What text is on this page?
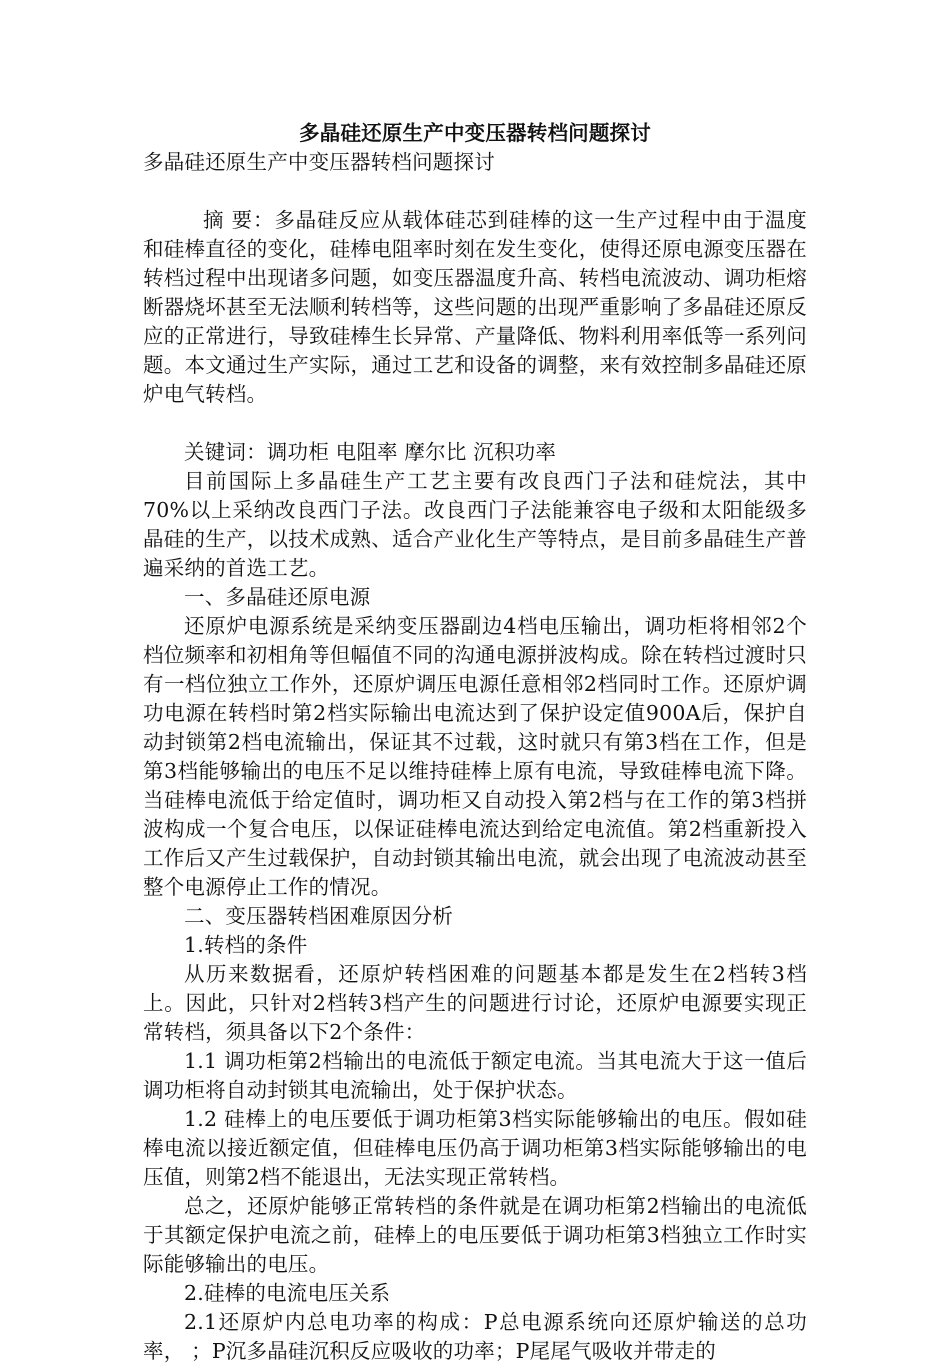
多晶硅还原生产中变压器转档问题探讨

多晶硅还原生产中变压器转档问题探讨

摘 要：多晶硅反应从载体硅芯到硅棒的这一生产过程中由于温度和硅棒直径的变化，硅棒电阻率时刻在发生变化，使得还原电源变压器在转档过程中出现诸多问题，如变压器温度升高、转档电流波动、调功柜熔断器烧坏甚至无法顺利转档等，这些问题的出现严重影响了多晶硅还原反应的正常进行，导致硅棒生长异常、产量降低、物料利用率低等一系列问题。本文通过生产实际，通过工艺和设备的调整，来有效控制多晶硅还原炉电气转档。

关键词：调功柜 电阻率 摩尔比 沉积功率

目前国际上多晶硅生产工艺主要有改良西门子法和硅烷法，其中70%以上采纳改良西门子法。改良西门子法能兼容电子级和太阳能级多晶硅的生产，以技术成熟、适合产业化生产等特点，是目前多晶硅生产普遍采纳的首选工艺。

一、多晶硅还原电源

还原炉电源系统是采纳变压器副边4档电压输出，调功柜将相邻2个档位频率和初相角等但幅值不同的沟通电源拼波构成。除在转档过渡时只有一档位独立工作外，还原炉调压电源任意相邻2档同时工作。还原炉调功电源在转档时第2档实际输出电流达到了保护设定值900A后，保护自动封锁第2档电流输出，保证其不过载，这时就只有第3档在工作，但是第3档能够输出的电压不足以维持硅棒上原有电流，导致硅棒电流下降。当硅棒电流低于给定值时，调功柜又自动投入第2档与在工作的第3档拼波构成一个复合电压，以保证硅棒电流达到给定电流值。第2档重新投入工作后又产生过载保护，自动封锁其输出电流，就会出现了电流波动甚至整个电源停止工作的情况。

二、变压器转档困难原因分析

1.转档的条件

从历来数据看，还原炉转档困难的问题基本都是发生在2档转3档上。因此，只针对2档转3档产生的问题进行讨论，还原炉电源要实现正常转档，须具备以下2个条件：

1.1 调功柜第2档输出的电流低于额定电流。当其电流大于这一值后调功柜将自动封锁其电流输出，处于保护状态。

1.2 硅棒上的电压要低于调功柜第3档实际能够输出的电压。假如硅棒电流以接近额定值，但硅棒电压仍高于调功柜第3档实际能够输出的电压值，则第2档不能退出，无法实现正常转档。

总之，还原炉能够正常转档的条件就是在调功柜第2档输出的电流低于其额定保护电流之前，硅棒上的电压要低于调功柜第3档独立工作时实际能够输出的电压。

2.硅棒的电流电压关系

2.1还原炉内总电功率的构成：P总电源系统向还原炉输送的总功率， ；P沉多晶硅沉积反应吸收的功率；P尾尾气吸收并带走的
